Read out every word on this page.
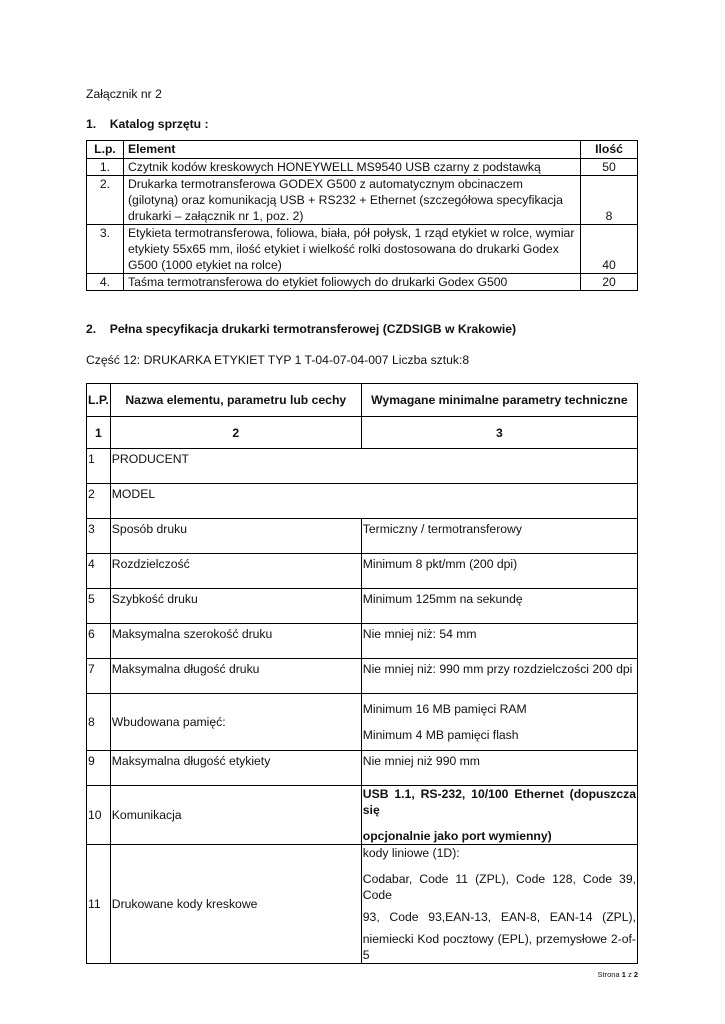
Załącznik nr 2

1.    Katalog sprzętu :

L.p.	Element	Ilość
1.	Czytnik kodów kreskowych HONEYWELL MS9540 USB czarny z podstawką	50
2.	Drukarka termotransferowa GODEX G500 z automatycznym obcinaczem (gilotyną) oraz komunikacją USB + RS232 + Ethernet (szczegółowa specyfikacja drukarki – załącznik nr 1, poz. 2)	8
3.	Etykieta termotransferowa, foliowa, biała, pół połysk, 1 rząd etykiet w rolce, wymiar etykiety 55x65 mm, ilość etykiet i wielkość rolki dostosowana do drukarki Godex G500 (1000 etykiet na rolce)	40
4.	Taśma termotransferowa do etykiet foliowych do drukarki Godex G500	20

2.    Pełna specyfikacja drukarki termotransferowej (CZDSIGB w Krakowie)

Część 12: DRUKARKA ETYKIET TYP 1 T-04-07-04-007 Liczba sztuk:8

L.P.	Nazwa elementu, parametru lub cechy	Wymagane minimalne parametry techniczne
1	2	3
1	PRODUCENT	
2	MODEL	
3	Sposób druku	Termiczny / termotransferowy
4	Rozdzielczość	Minimum 8 pkt/mm (200 dpi)
5	Szybkość druku	Minimum 125mm na sekundę
6	Maksymalna szerokość druku	Nie mniej niż: 54 mm
7	Maksymalna długość druku	Nie mniej niż: 990 mm przy rozdzielczości 200 dpi
8	Wbudowana pamięć:	Minimum 16 MB pamięci RAM

Minimum 4 MB pamięci flash

9	Maksymalna długość etykiety	Nie mniej niż 990 mm
10	Komunikacja	USB 1.1, RS-232, 10/100 Ethernet (dopuszcza się

opcjonalnie jako port wymienny)

11	Drukowane kody kreskowe	kody liniowe (1D):

Codabar, Code 11 (ZPL), Code 128, Code 39, Code

93, Code 93,EAN-13, EAN-8, EAN-14 (ZPL),

niemiecki Kod pocztowy (EPL), przemysłowe 2-of-5

Strona 1 z 2
